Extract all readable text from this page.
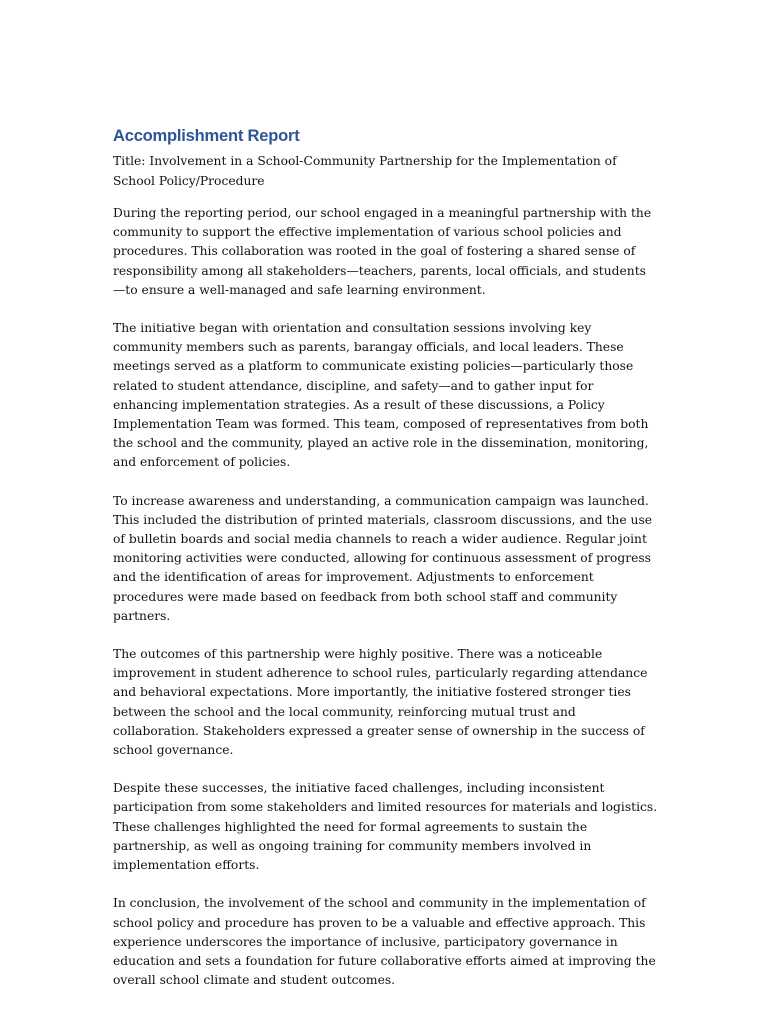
Accomplishment Report

Title: Involvement in a School-Community Partnership for the Implementation of School Policy/Procedure

During the reporting period, our school engaged in a meaningful partnership with the community to support the effective implementation of various school policies and procedures. This collaboration was rooted in the goal of fostering a shared sense of responsibility among all stakeholders—teachers, parents, local officials, and students—to ensure a well-managed and safe learning environment.

The initiative began with orientation and consultation sessions involving key community members such as parents, barangay officials, and local leaders. These meetings served as a platform to communicate existing policies—particularly those related to student attendance, discipline, and safety—and to gather input for enhancing implementation strategies. As a result of these discussions, a Policy Implementation Team was formed. This team, composed of representatives from both the school and the community, played an active role in the dissemination, monitoring, and enforcement of policies.

To increase awareness and understanding, a communication campaign was launched. This included the distribution of printed materials, classroom discussions, and the use of bulletin boards and social media channels to reach a wider audience. Regular joint monitoring activities were conducted, allowing for continuous assessment of progress and the identification of areas for improvement. Adjustments to enforcement procedures were made based on feedback from both school staff and community partners.

The outcomes of this partnership were highly positive. There was a noticeable improvement in student adherence to school rules, particularly regarding attendance and behavioral expectations. More importantly, the initiative fostered stronger ties between the school and the local community, reinforcing mutual trust and collaboration. Stakeholders expressed a greater sense of ownership in the success of school governance.

Despite these successes, the initiative faced challenges, including inconsistent participation from some stakeholders and limited resources for materials and logistics. These challenges highlighted the need for formal agreements to sustain the partnership, as well as ongoing training for community members involved in implementation efforts.

In conclusion, the involvement of the school and community in the implementation of school policy and procedure has proven to be a valuable and effective approach. This experience underscores the importance of inclusive, participatory governance in education and sets a foundation for future collaborative efforts aimed at improving the overall school climate and student outcomes.
